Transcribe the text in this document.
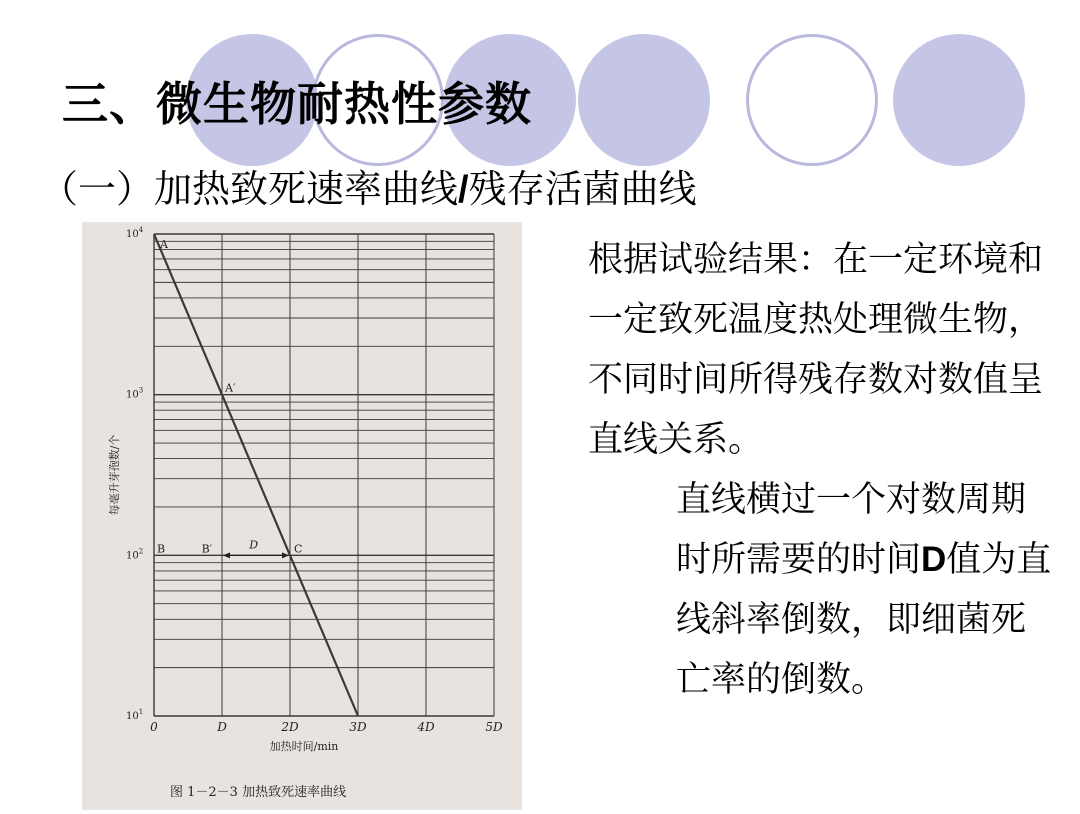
三、微生物耐热性参数
（一）加热致死速率曲线/残存活菌曲线
0	D	2D	3D	4D	5D
$10^4$
$10^3$
$10^2$
$10^1$
加热时间/min
每毫升芽孢数/个
A
A′
B	B′	C
D
图 1－2－3 加热致死速率曲线

根据试验结果：在一定环境和一定致死温度热处理微生物，不同时间所得残存数对数值呈直线关系。

直线横过一个对数周期时所需要的时间D值为直线斜率倒数，即细菌死亡率的倒数。
